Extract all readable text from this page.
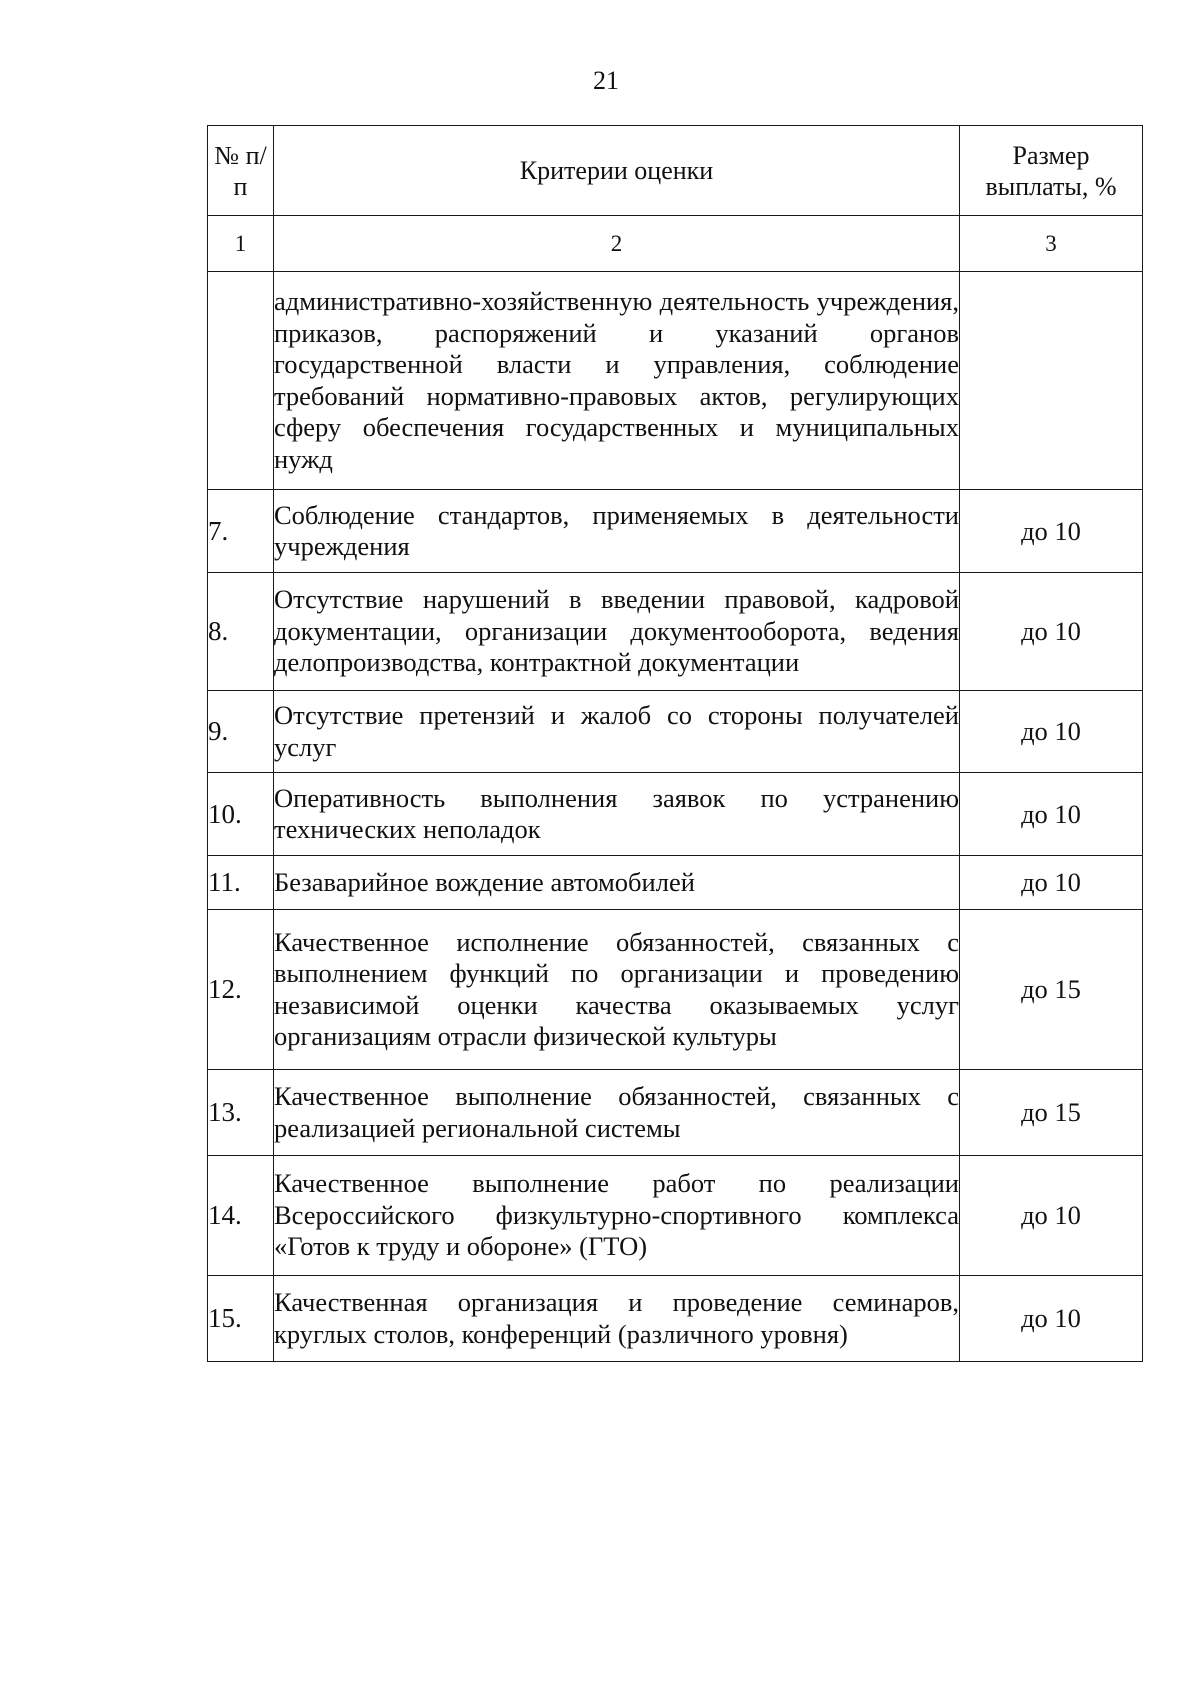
21
№ п/п	Критерии оценки	Размер выплаты, %
1	2	3
	административно-хозяйственную деятельность учреждения, приказов, распоряжений и указаний органов государственной власти и управления, соблюдение требований нормативно-правовых актов, регулирующих сферу обеспечения государственных и муниципальных нужд	
7.	Соблюдение стандартов, применяемых в деятельности учреждения	до 10
8.	Отсутствие нарушений в введении правовой, кадровой документации, организации документооборота, ведения делопроизводства, контрактной документации	до 10
9.	Отсутствие претензий и жалоб со стороны получателей услуг	до 10
10.	Оперативность выполнения заявок по устранению технических неполадок	до 10
11.	Безаварийное вождение автомобилей	до 10
12.	Качественное исполнение обязанностей, связанных с выполнением функций по организации и проведению независимой оценки качества оказываемых услуг организациям отрасли физической культуры	до 15
13.	Качественное выполнение обязанностей, связанных с реализацией региональной системы	до 15
14.	Качественное выполнение работ по реализации Всероссийского физкультурно-спортивного комплекса «Готов к труду и обороне» (ГТО)	до 10
15.	Качественная организация и проведение семинаров, круглых столов, конференций (различного уровня)	до 10
